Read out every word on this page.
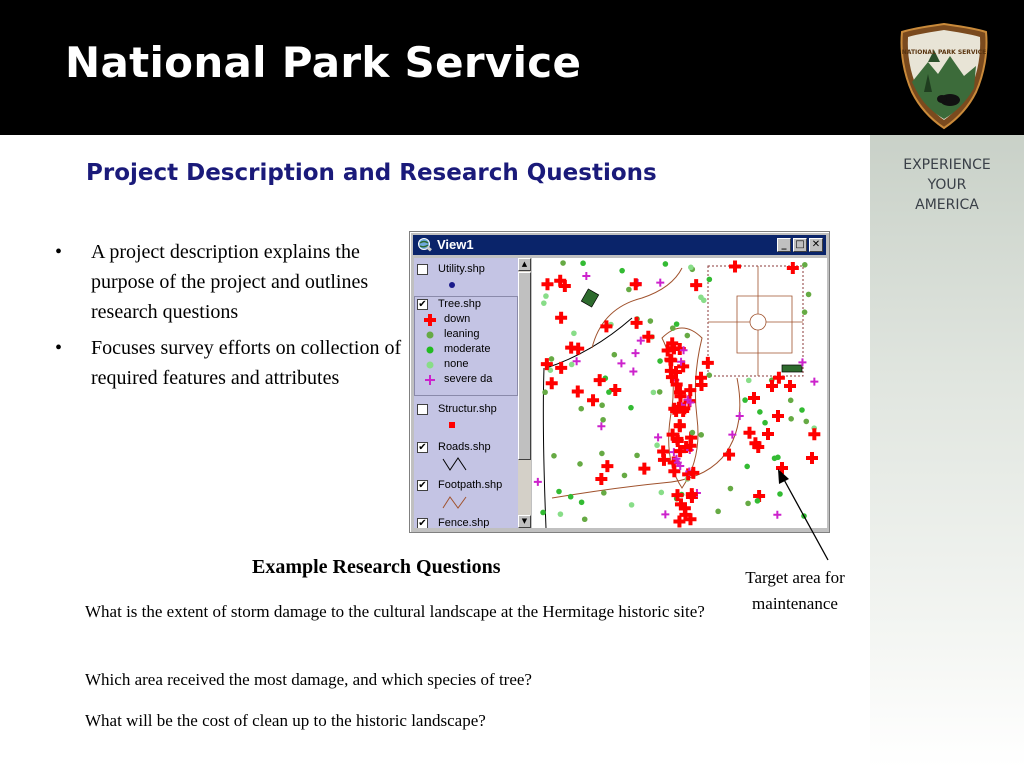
National Park Service	NATIONAL PARK SERVICE
EXPERIENCE
YOUR
AMERICA
Project Description and Research Questions
• A project description explains the purpose of the project and outlines research questions
• Focuses survey efforts on collection of required features and attributes
View1	_ □ ✕
Utility.shp
✔ Tree.shp
down
leaning
moderate
none
severe da
Structur.shp
✔ Roads.shp
✔ Footpath.shp
✔ Fence.shp
▲
▼
Example Research Questions
What is the extent of storm damage to the cultural landscape at the Hermitage historic site?
Which area received the most damage, and which species of tree?
What will be the cost of clean up to the historic landscape?
Target area for maintenance
